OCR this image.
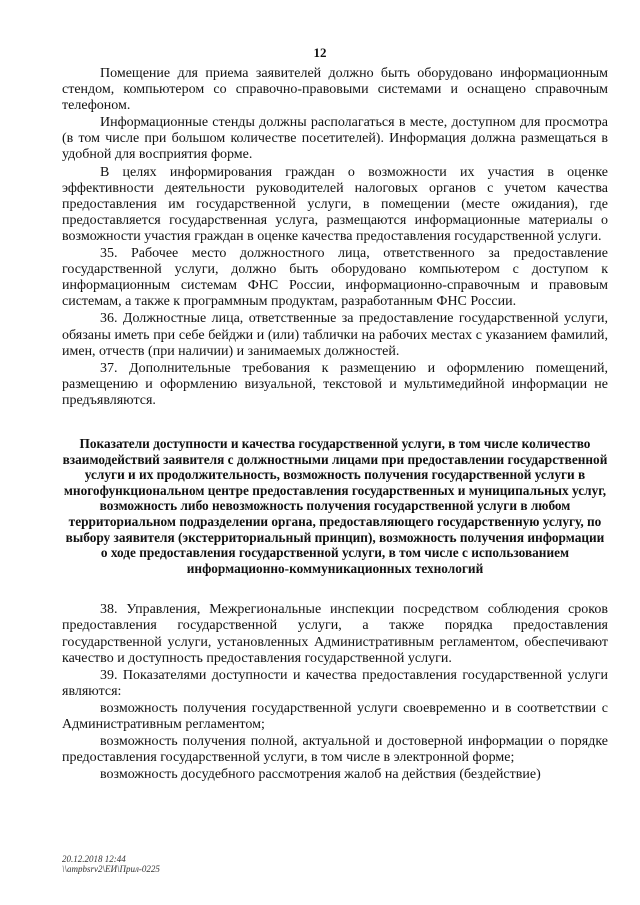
12

Помещение для приема заявителей должно быть оборудовано информационным стендом, компьютером со справочно-правовыми системами и оснащено справочным телефоном.

Информационные стенды должны располагаться в месте, доступном для просмотра (в том числе при большом количестве посетителей). Информация должна размещаться в удобной для восприятия форме.

В целях информирования граждан о возможности их участия в оценке эффективности деятельности руководителей налоговых органов с учетом качества предоставления им государственной услуги, в помещении (месте ожидания), где предоставляется государственная услуга, размещаются информационные материалы о возможности участия граждан в оценке качества предоставления государственной услуги.

35. Рабочее место должностного лица, ответственного за предоставление государственной услуги, должно быть оборудовано компьютером с доступом к информационным системам ФНС России, информационно-справочным и правовым системам, а также к программным продуктам, разработанным ФНС России.

36. Должностные лица, ответственные за предоставление государственной услуги, обязаны иметь при себе бейджи и (или) таблички на рабочих местах с указанием фамилий, имен, отчеств (при наличии) и занимаемых должностей.

37. Дополнительные требования к размещению и оформлению помещений, размещению и оформлению визуальной, текстовой и мультимедийной информации не предъявляются.

Показатели доступности и качества государственной услуги, в том числе количество взаимодействий заявителя с должностными лицами при предоставлении государственной услуги и их продолжительность, возможность получения государственной услуги в многофункциональном центре предоставления государственных и муниципальных услуг, возможность либо невозможность получения государственной услуги в любом территориальном подразделении органа, предоставляющего государственную услугу, по выбору заявителя (экстерриториальный принцип), возможность получения информации о ходе предоставления государственной услуги, в том числе с использованием информационно-коммуникационных технологий

38. Управления, Межрегиональные инспекции посредством соблюдения сроков предоставления государственной услуги, а также порядка предоставления государственной услуги, установленных Административным регламентом, обеспечивают качество и доступность предоставления государственной услуги.

39. Показателями доступности и качества предоставления государственной услуги являются:

возможность получения государственной услуги своевременно и в соответствии с Административным регламентом;

возможность получения полной, актуальной и достоверной информации о порядке предоставления государственной услуги, в том числе в электронной форме;

возможность досудебного рассмотрения жалоб на действия (бездействие)

20.12.2018 12:44
\\ampbsrv2\ЕИ\Прил-0225
